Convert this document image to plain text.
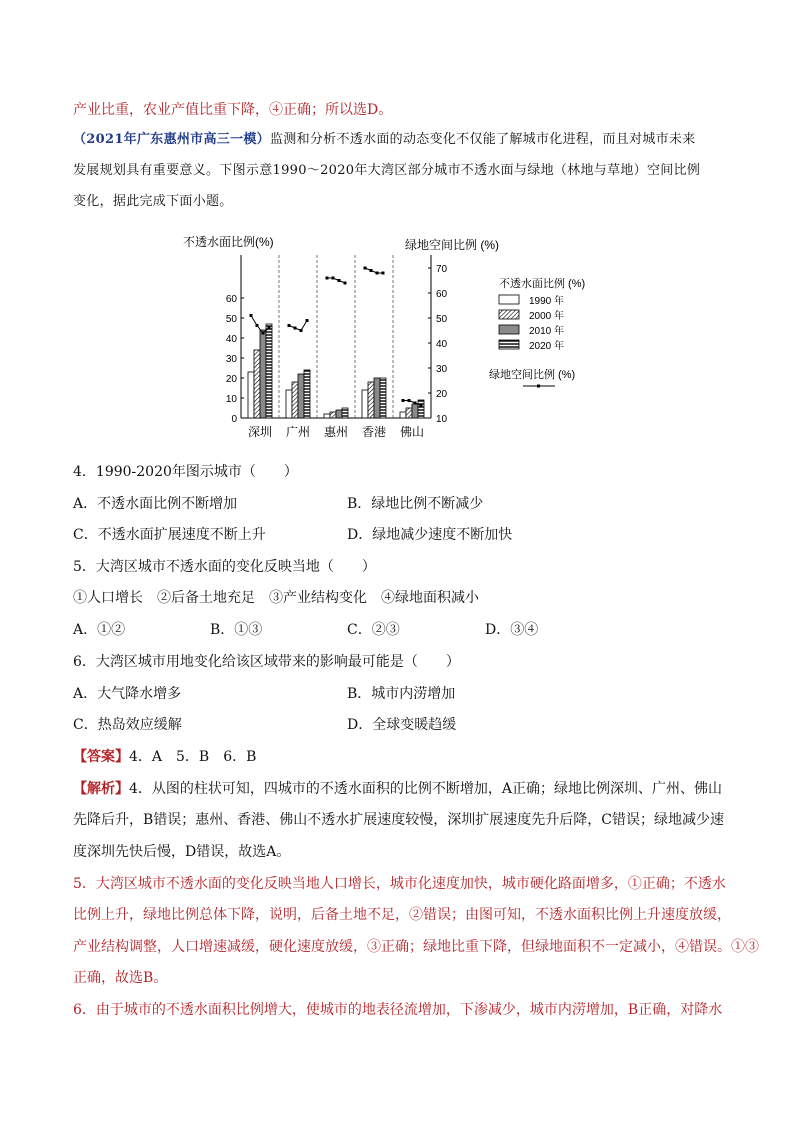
产业比重，农业产值比重下降，④正确；所以选D。
（2021年广东惠州市高三一模）监测和分析不透水面的动态变化不仅能了解城市化进程，而且对城市未来
发展规划具有重要意义。下图示意1990～2020年大湾区部分城市不透水面与绿地（林地与草地）空间比例
变化，据此完成下面小题。
不透水面比例(%)	绿地空间比例 (%)
0
10
20
30
40
50
60
10
20
30
40
50
60
70
深圳 广州 惠州 香港 佛山
不透水面比例 (%)
1990 年
2000 年
2010 年
2020 年
绿地空间比例 (%)
4．1990-2020年图示城市（　　）
A．不透水面比例不断增加	B．绿地比例不断减少
C．不透水面扩展速度不断上升	D．绿地减少速度不断加快
5．大湾区城市不透水面的变化反映当地（　　）
①人口增长　②后备土地充足　③产业结构变化　④绿地面积减小
A．①②	B．①③	C．②③	D．③④
6．大湾区城市用地变化给该区域带来的影响最可能是（　　）
A．大气降水增多	B．城市内涝增加
C．热岛效应缓解	D．全球变暖趋缓
【答案】4．A　5．B　6．B
【解析】4．从图的柱状可知，四城市的不透水面积的比例不断增加，A正确；绿地比例深圳、广州、佛山
先降后升，B错误；惠州、香港、佛山不透水扩展速度较慢，深圳扩展速度先升后降，C错误；绿地减少速
度深圳先快后慢，D错误，故选A。
5．大湾区城市不透水面的变化反映当地人口增长，城市化速度加快，城市硬化路面增多，①正确；不透水
比例上升，绿地比例总体下降，说明，后备土地不足，②错误；由图可知，不透水面积比例上升速度放缓，
产业结构调整，人口增速减缓，硬化速度放缓，③正确；绿地比重下降，但绿地面积不一定减小，④错误。①③
正确，故选B。
6．由于城市的不透水面积比例增大，使城市的地表径流增加，下渗减少，城市内涝增加，B正确，对降水
